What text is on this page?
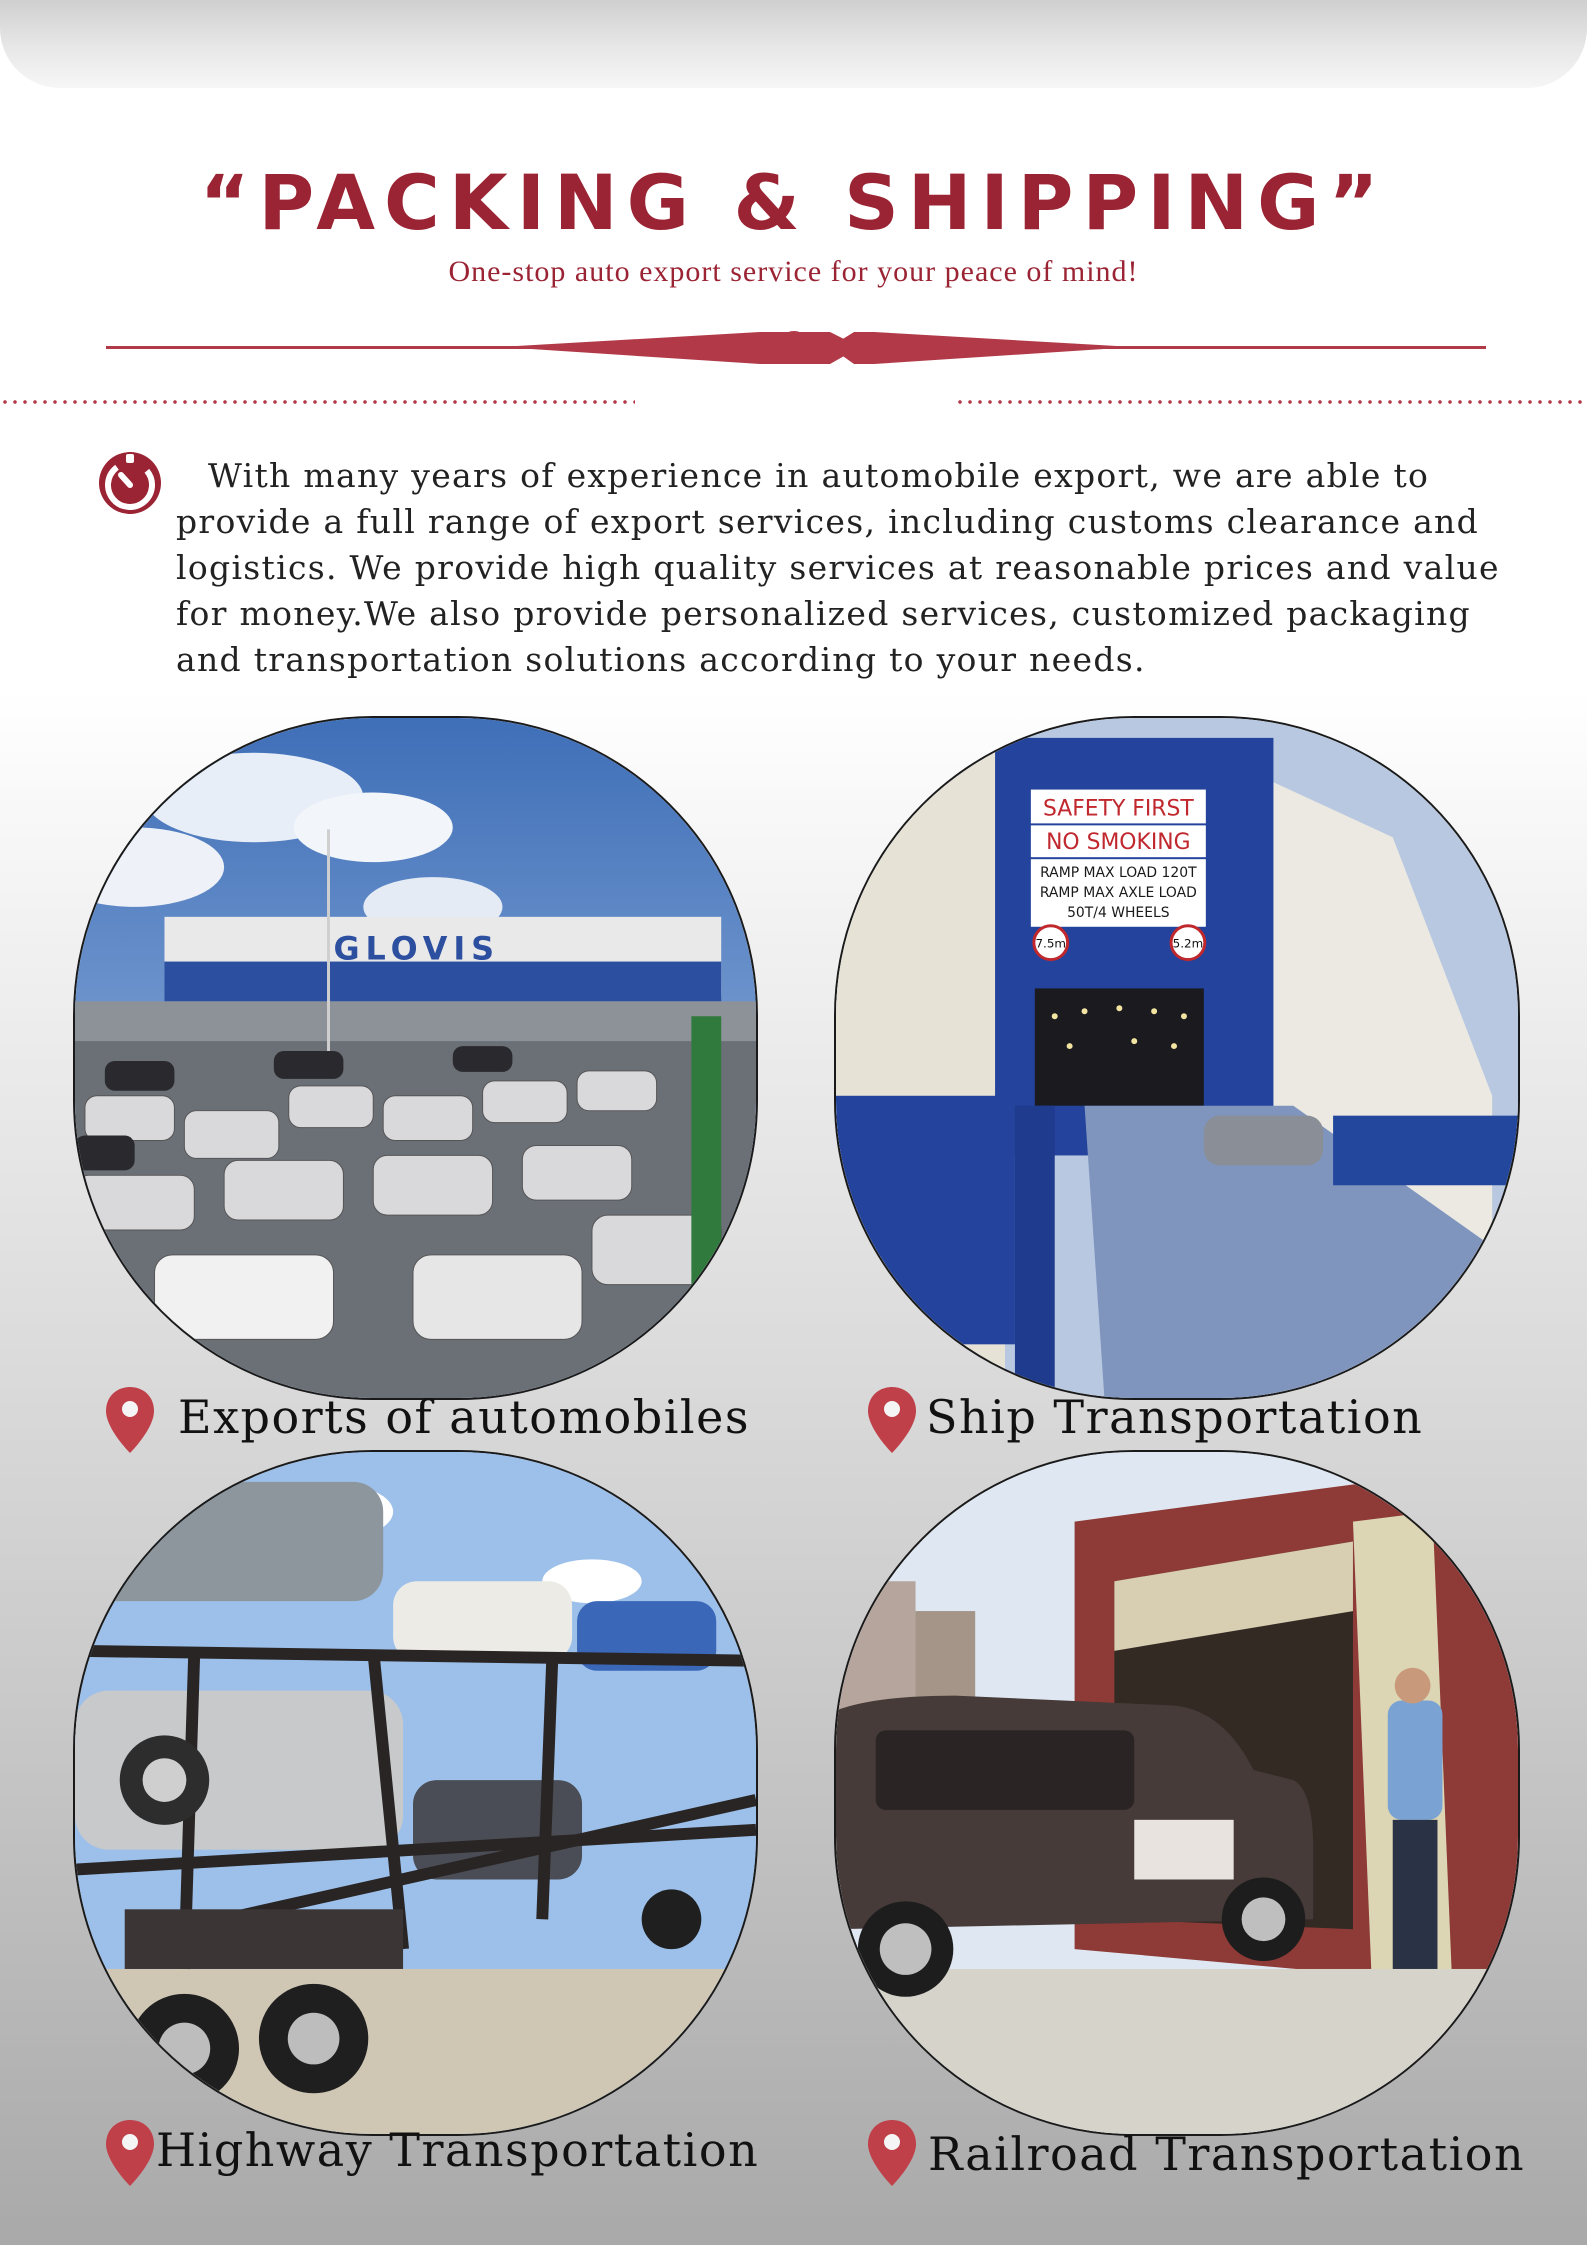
“PACKING & SHIPPING”
One-stop auto export service for your peace of mind!
With many years of experience in automobile export, we are able to provide a full range of export services, including customs clearance and logistics. We provide high quality services at reasonable prices and value for money.We also provide personalized services, customized packaging and transportation solutions according to your needs.
GLOVIS
SAFETY FIRST
NO SMOKING
RAMP MAX LOAD 120T
RAMP MAX AXLE LOAD
50T/4 WHEELS
7.5m	5.2m
Exports of automobiles	Ship Transportation
Highway Transportation	Railroad Transportation
